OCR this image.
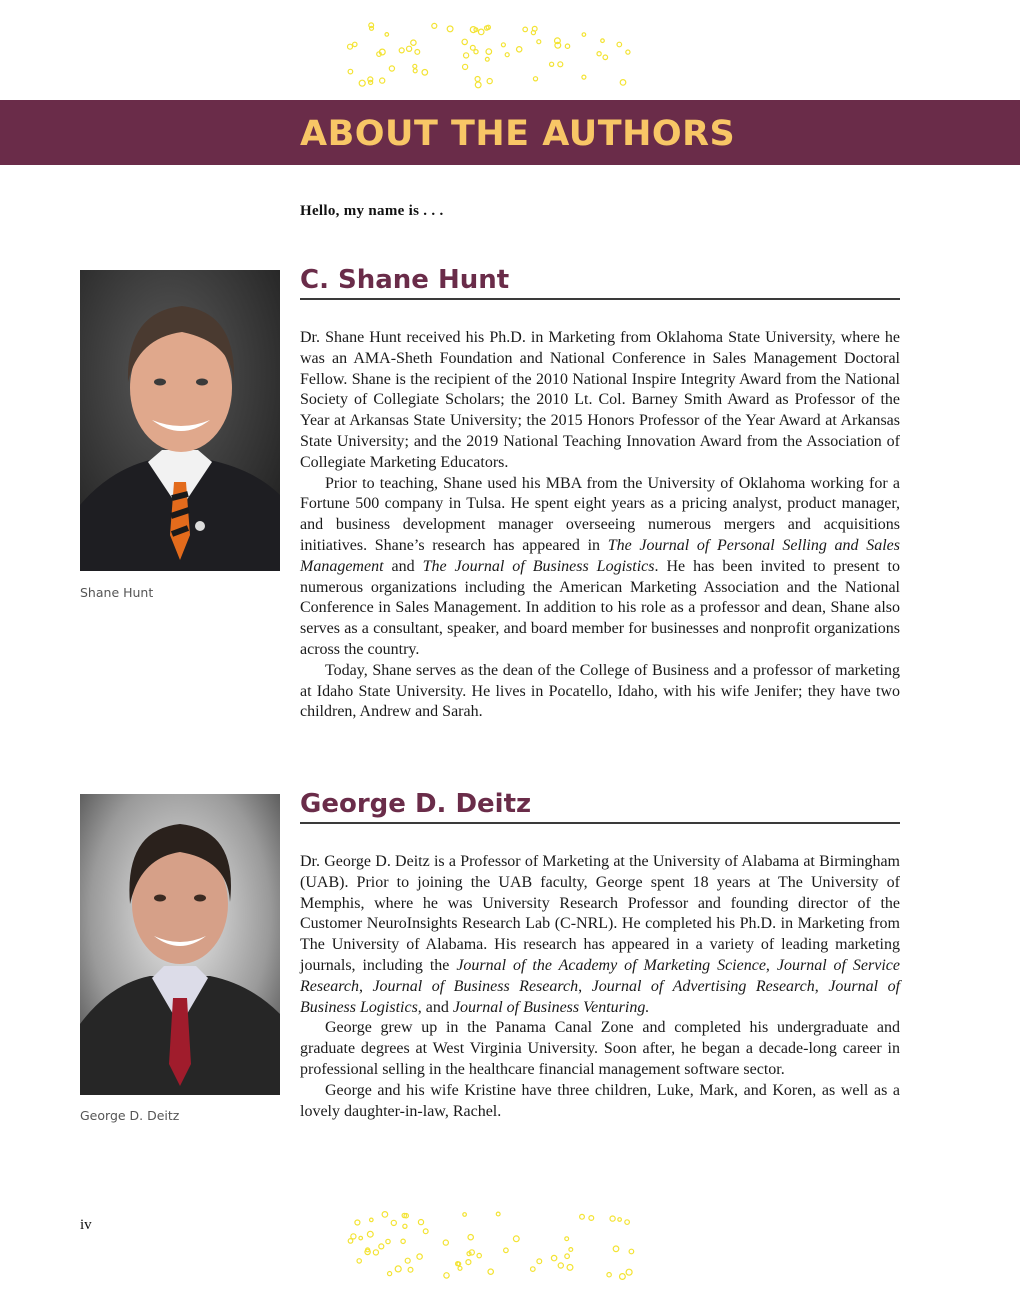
ABOUT THE AUTHORS

Hello, my name is . . .

Shane Hunt

C. Shane Hunt

Dr. Shane Hunt received his Ph.D. in Marketing from Oklahoma State University, where he was an AMA-Sheth Foundation and National Conference in Sales Management Doctoral Fellow. Shane is the recipient of the 2010 National Inspire Integrity Award from the National Society of Collegiate Scholars; the 2010 Lt. Col. Barney Smith Award as Professor of the Year at Arkansas State University; the 2015 Honors Professor of the Year Award at Arkansas State University; and the 2019 National Teaching Innovation Award from the Association of Collegiate Marketing Educators.

Prior to teaching, Shane used his MBA from the University of Oklahoma working for a Fortune 500 company in Tulsa. He spent eight years as a pricing analyst, product manager, and business development manager overseeing numerous mergers and acquisitions initiatives. Shane’s research has appeared in The Journal of Personal Selling and Sales Management and The Journal of Business Logistics. He has been invited to present to numerous organizations including the American Marketing Association and the National Conference in Sales Management. In addition to his role as a professor and dean, Shane also serves as a consultant, speaker, and board member for businesses and nonprofit organizations across the country.

Today, Shane serves as the dean of the College of Business and a professor of marketing at Idaho State University. He lives in Pocatello, Idaho, with his wife Jenifer; they have two children, Andrew and Sarah.

George D. Deitz

George D. Deitz

Dr. George D. Deitz is a Professor of Marketing at the University of Alabama at Birmingham (UAB). Prior to joining the UAB faculty, George spent 18 years at The University of Memphis, where he was University Research Professor and founding director of the Customer NeuroInsights Research Lab (C-NRL). He completed his Ph.D. in Marketing from The University of Alabama. His research has appeared in a variety of leading marketing journals, including the Journal of the Academy of Marketing Science, Journal of Service Research, Journal of Business Research, Journal of Advertising Research, Journal of Business Logistics, and Journal of Business Venturing.

George grew up in the Panama Canal Zone and completed his undergraduate and graduate degrees at West Virginia University. Soon after, he began a decade-long career in professional selling in the healthcare financial management software sector.

George and his wife Kristine have three children, Luke, Mark, and Koren, as well as a lovely daughter-in-law, Rachel.

iv
